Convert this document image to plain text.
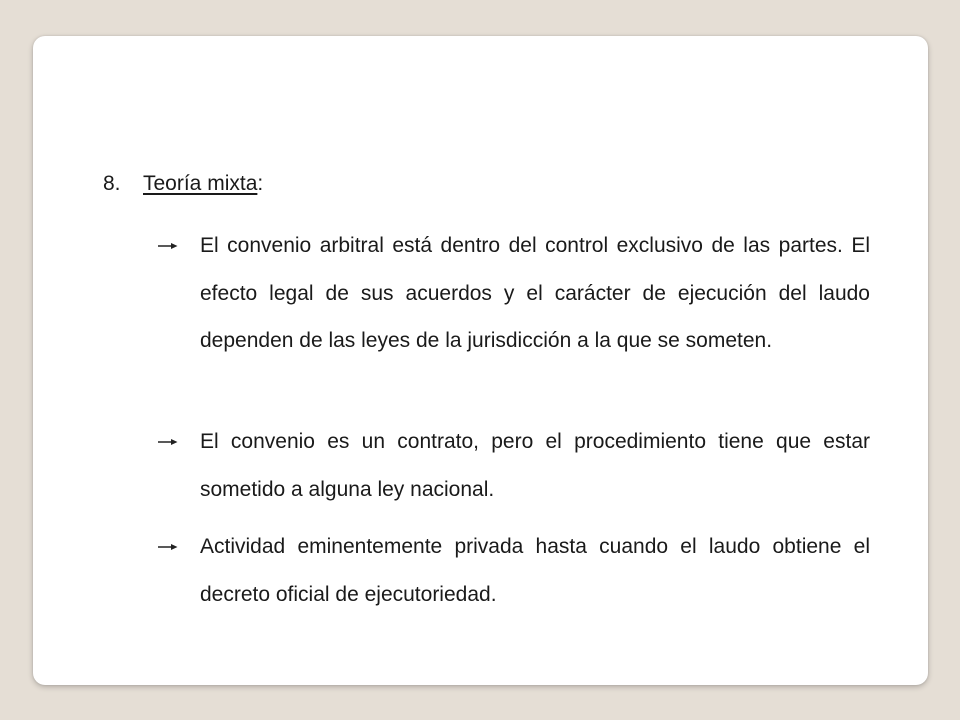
8. Teoría mixta:
El convenio arbitral está dentro del control exclusivo de las partes. El efecto legal de sus acuerdos y el carácter de ejecución del laudo dependen de las leyes de la jurisdicción a la que se someten.
El convenio es un contrato, pero el procedimiento tiene que estar sometido a alguna ley nacional.
Actividad eminentemente privada hasta cuando el laudo obtiene el decreto oficial de ejecutoriedad.
